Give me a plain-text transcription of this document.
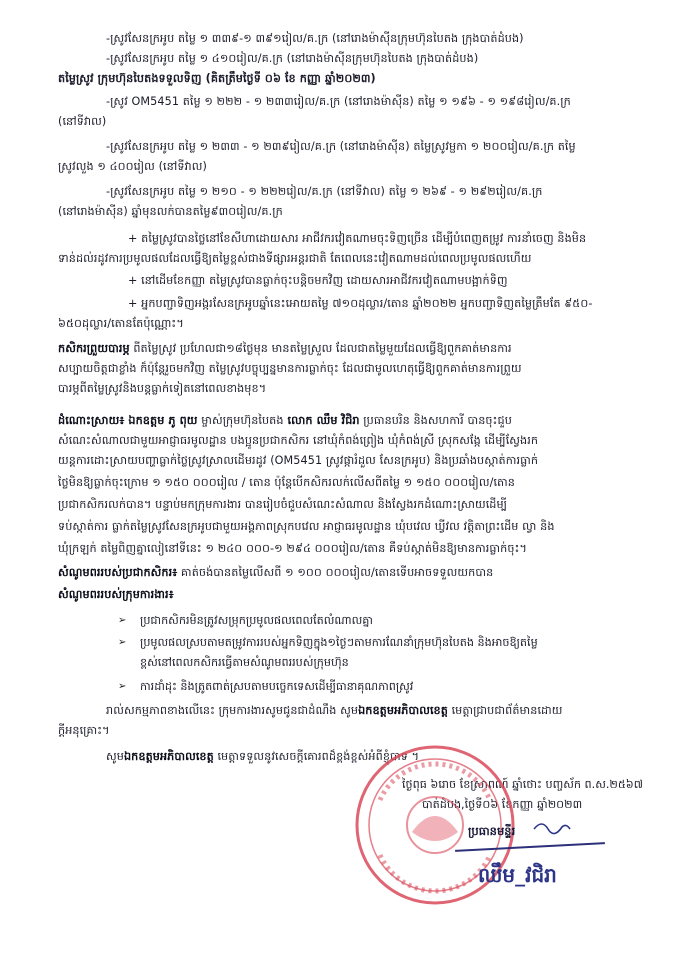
-ស្រូវសែនក្រអូប តម្លៃ ១ ៣៣៩-១ ៣៩១រៀល/គ.ក្រ (នៅរោងម៉ាស៊ីនក្រុមហ៊ុនបៃតង ក្រុងបាត់ដំបង)
-ស្រូវសែនក្រអូប តម្លៃ ១ ៤១០រៀល/គ.ក្រ (នៅរោងម៉ាស៊ីនក្រុមហ៊ុនបៃតង ក្រុងបាត់ដំបង)
តម្លៃស្រូវ ក្រុមហ៊ុនបៃតងទទួលទិញ (គិតត្រឹមថ្ងៃទី ០៦ ខែ កញ្ញា ឆ្នាំ២០២៣)
-ស្រូវ OM5451 តម្លៃ ១ ២២២ - ១ ២៣៣រៀល/គ.ក្រ (នៅរោងម៉ាស៊ីន) តម្លៃ ១ ១៩៦ - ១ ១៩៨រៀល/គ.ក្រ
(នៅទីវាល)
-ស្រូវសែនក្រអូប តម្លៃ ១ ២៣៣ - ១ ២៣៩រៀល/គ.ក្រ (នៅរោងម៉ាស៊ីន) តម្លៃស្រូវម្ផកា ១ ២០០រៀល/គ.ក្រ តម្លៃ
ស្រូវលួង ១ ៤០០រៀល (នៅទីវាល)
-ស្រូវសែនក្រអូប តម្លៃ ១ ២១០ - ១ ២២២រៀល/គ.ក្រ (នៅទីវាល) តម្លៃ ១ ២៦៩ - ១ ២៩២រៀល/គ.ក្រ
(នៅរោងម៉ាស៊ីន) ឆ្នាំមុនលក់បានតម្លៃ៩៣០រៀល/គ.ក្រ
+ តម្លៃស្រូវបានថ្លៃនៅខែសីហាដោយសារ អាជីវករវៀតណាមចុះទិញច្រើន ដើម្បីបំពេញតម្រូវ ការនាំចេញ និងមិន
ទាន់ដល់រដូវការប្រមូលផលដែលធ្វើឱ្យតម្លៃខ្ពស់ជាងទីផ្សារអន្តរជាតិ តែពេលនេះវៀតណាមដល់ពេលប្រមូលផលហើយ
+ នៅដើមខែកញ្ញា តម្លៃស្រូវបានធ្លាក់ចុះបន្តិចមកវិញ ដោយសារអាជីវករវៀតណាមបង្អាក់ទិញ
+ អ្នកបញ្ជាទិញអង្ករសែនក្រអូបឆ្នាំនេះអោយតម្លៃ ៧១០ដុល្លារ/តោន ឆ្នាំ២០២២ អ្នកបញ្ជាទិញតម្លៃត្រឹមតែ ៩៥០-
៦៥០ដុល្លារ/តោនតែប៉ុណ្ណោះ។
កសិករព្រួយបារម្ភ ពីតម្លៃស្រូវ ប្រហែលជា១៨ថ្ងៃមុន មានតម្លៃស្រួល ដែលជាតម្លៃមួយដែលធ្វើឱ្យពួកគាត់មានការ
សប្បាយចិត្តជាខ្លាំង ក៏ប៉ុន្តែរួចមកវិញ តម្លៃស្រូវបច្ចុប្បន្នមានការធ្លាក់ចុះ ដែលជាមូលហេតុធ្វើឱ្យពួកគាត់មានការព្រួយ
បារម្ភពីតម្លៃស្រូវនិងបន្តធ្លាក់ទៀតនៅពេលខាងមុខ។
ដំណោះស្រាយ៖ ឯកឧត្តម ភូ ពុយ ម្ចាស់ក្រុមហ៊ុនបៃតង លោក ឈឹម វិជិរា ប្រធានបរិន និងសហការី បានចុះជួប
សំណេះសំណាលជាមួយអាជ្ញាធរមូលដ្ឋាន បងប្អូនប្រជាកសិករ នៅឃុំកំពង់ព្រៀង ឃុំកំពង់ស្រី ស្រុកសង្កែ ដើម្បីស្វែងរក
យន្តការដោះស្រាយបញ្ហាធ្លាក់ថ្លៃស្រូវស្រាលដើមរដូវ (OM5451 ស្រូវផ្ការំដួល សែនក្រអូប) និងប្រឆាំងបស្កាត់ការធ្លាក់
ថ្លៃមិនឱ្យធ្លាក់ចុះក្រោម ១ ១៥០ ០០០រៀល / តោន ប៉ុន្តែបើកសិករលក់លើសពីតម្លៃ ១ ១៥០ ០០០រៀល/តោន
ប្រជាកសិករលក់បាន។ បន្ទាប់មកក្រុមការងារ បានរៀបចំជួបសំណេះសំណាល និងស្វែងរកដំណោះស្រាយដើម្បី
ទប់ស្កាត់ការ ធ្លាក់តម្លៃស្រូវសែនក្រអូបជាមួយអង្គភាពស្រុកបវេល អាជ្ញាធរមូលដ្ឋាន ឃុំបវេល ឃ្វីវល វត្តិតាព្រះដើម ល្វា និង
ឃុំក្រឡក់ តម្លៃពិញគ្នាលៀនៅទីនេះ ១ ២៤០ ០០០-១ ២៩៤ ០០០រៀល/តោន គឺទប់ស្កាត់មិនឱ្យមានការធ្លាក់ចុះ។
សំណូមពររបស់ប្រជាកសិករ៖ គាត់ចង់បានតម្លៃលើសពី ១ ១០០ ០០០រៀល/តោនទើបអាចទទួលយកបាន
សំណូមពររបស់ក្រុមការងារ៖
➢	ប្រជាកសិករមិនត្រូវសម្រុកប្រមូលផលពេលតែលំណាលគ្នា
➢	ប្រមូលផលស្របតាមតម្រូវការរបស់អ្នកទិញក្នុង១ថ្ងៃៗតាមការណែនាំក្រុមហ៊ុនបៃតង និងអាចឱ្យតម្លៃ
ខ្ពស់នៅពេលកសិករធ្វើតាមសំណូមពររបស់ក្រុមហ៊ុន
➢	ការដាំដុះ និងត្រូតពាត់ស្របតាមបច្ចេកទេសដើម្បីធានាគុណភាពស្រូវ
រាល់សកម្មភាពខាងលើនេះ ក្រុមការងារសូមជូនជាដំណឹង សូមឯកឧត្តមអភិបាលខេត្ត មេត្តាជ្រាបជាព័ត៌មានដោយ
ក្តីអនុគ្រោះ។
សូមឯកឧត្តមអភិបាលខេត្ត មេត្តាទទួលនូវសេចក្តីគោរពដ៏ខ្ពង់ខ្ពស់អំពីខ្ញុំបាទ ។
ថ្ងៃពុធ ៦រោច ខែស្រាពណ៍ ឆ្នាំថោះ បញ្ចស័ក ព.ស.២៥៦៧
បាត់ដំបង,ថ្ងៃទី០៦ ខែកញ្ញា ឆ្នាំ២០២៣
ប្រធានមន្ទីរ
ឈឹម_វជិរា
